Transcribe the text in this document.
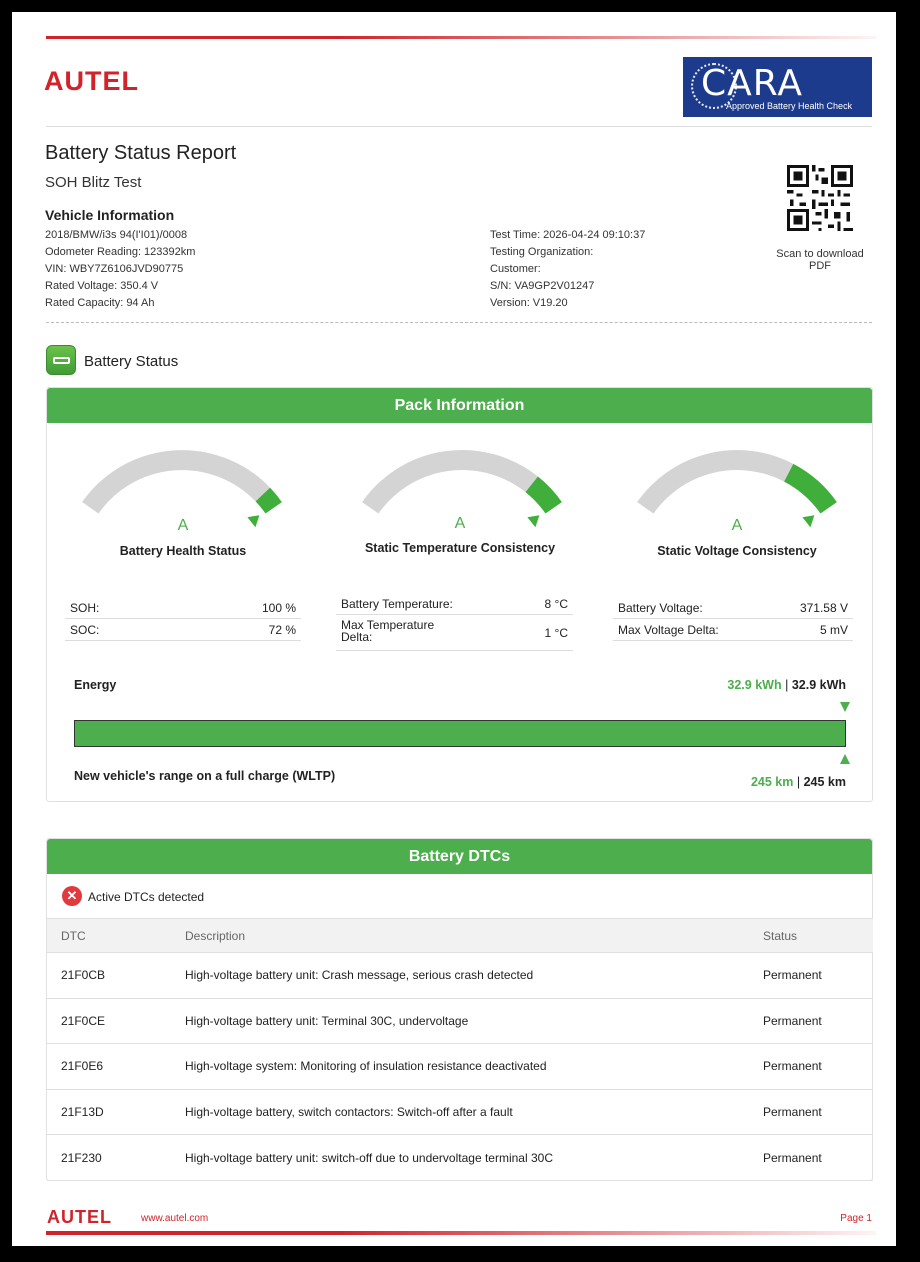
AUTEL	CARA
Approved Battery Health Check
Battery Status Report
SOH Blitz Test
Vehicle Information
2018/BMW/i3s 94(I'I01)/0008
Odometer Reading: 123392km
VIN: WBY7Z6106JVD90775
Rated Voltage: 350.4 V
Rated Capacity: 94 Ah
Test Time: 2026-04-24 09:10:37
Testing Organization:
Customer:
S/N: VA9GP2V01247
Version: V19.20
Scan to download
PDF
Battery Status
Pack Information
A	A	A
Battery Health Status	Static Temperature Consistency	Static Voltage Consistency
SOH:	100 %
SOC:	72 %
Battery Temperature:	8 °C
Max Temperature
Delta:	1 °C
Battery Voltage:	371.58 V
Max Voltage Delta:	5 mV
Energy	32.9 kWh | 32.9 kWh
New vehicle's range on a full charge (WLTP)	245 km | 245 km
Battery DTCs
✕ Active DTCs detected
DTC	Description	Status
21F0CB	High-voltage battery unit: Crash message, serious crash detected	Permanent
21F0CE	High-voltage battery unit: Terminal 30C, undervoltage	Permanent
21F0E6	High-voltage system: Monitoring of insulation resistance deactivated	Permanent
21F13D	High-voltage battery, switch contactors: Switch-off after a fault	Permanent
21F230	High-voltage battery unit: switch-off due to undervoltage terminal 30C	Permanent
AUTEL	www.autel.com	Page 1
